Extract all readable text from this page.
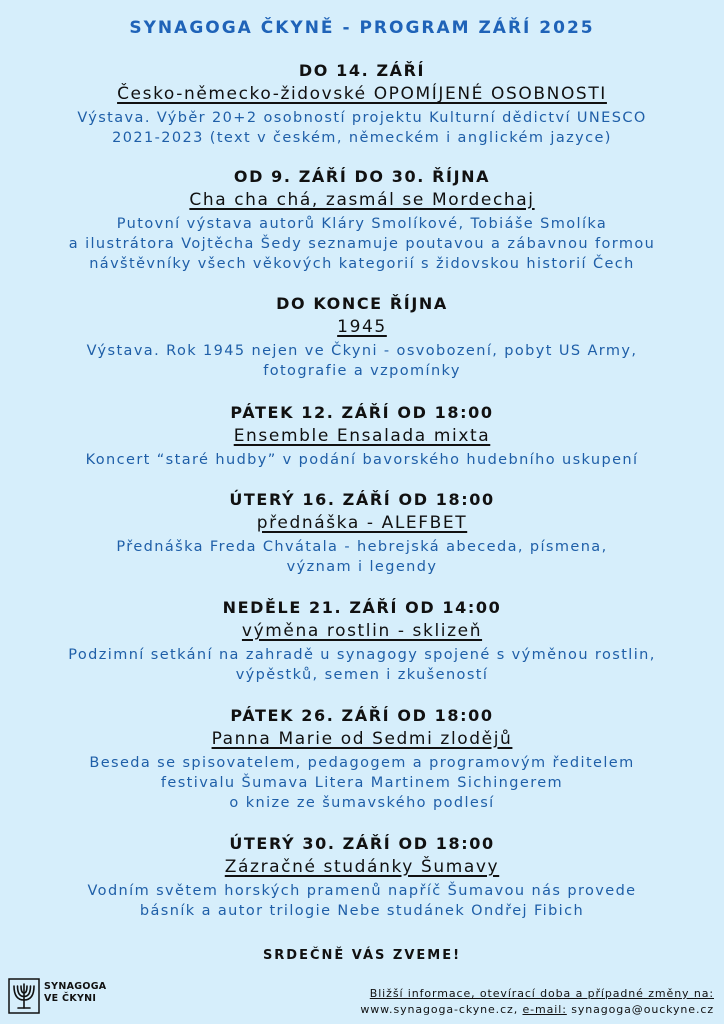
SYNAGOGA ČKYNĚ - PROGRAM ZÁŘÍ 2025
DO 14. ZÁŘÍ
Česko-německo-židovské OPOMÍJENÉ OSOBNOSTI
Výstava. Výběr 20+2 osobností projektu Kulturní dědictví UNESCO
2021-2023 (text v českém, německém i anglickém jazyce)
OD 9. ZÁŘÍ DO 30. ŘÍJNA
Cha cha chá, zasmál se Mordechaj
Putovní výstava autorů Kláry Smolíkové, Tobiáše Smolíka
a ilustrátora Vojtěcha Šedy seznamuje poutavou a zábavnou formou
návštěvníky všech věkových kategorií s židovskou historií Čech
DO KONCE ŘÍJNA
1945
Výstava. Rok 1945 nejen ve Čkyni - osvobození, pobyt US Army,
fotografie a vzpomínky
PÁTEK 12. ZÁŘÍ OD 18:00
Ensemble Ensalada mixta
Koncert “staré hudby” v podání bavorského hudebního uskupení
ÚTERÝ 16. ZÁŘÍ OD 18:00
přednáška - ALEFBET
Přednáška Freda Chvátala - hebrejská abeceda, písmena,
význam i legendy
NEDĚLE 21. ZÁŘÍ OD 14:00
výměna rostlin - sklizeň
Podzimní setkání na zahradě u synagogy spojené s výměnou rostlin,
výpěstků, semen i zkušeností
PÁTEK 26. ZÁŘÍ OD 18:00
Panna Marie od Sedmi zlodějů
Beseda se spisovatelem, pedagogem a programovým ředitelem
festivalu Šumava Litera Martinem Sichingerem
o knize ze šumavského podlesí
ÚTERÝ 30. ZÁŘÍ OD 18:00
Zázračné studánky Šumavy
Vodním světem horských pramenů napříč Šumavou nás provede
básník a autor trilogie Nebe studánek Ondřej Fibich
SRDEČNĚ VÁS ZVEME!
SYNAGOGA
VE ČKYNI	Bližší informace, otevírací doba a případné změny na:
www.synagoga-ckyne.cz, e-mail: synagoga@ouckyne.cz
